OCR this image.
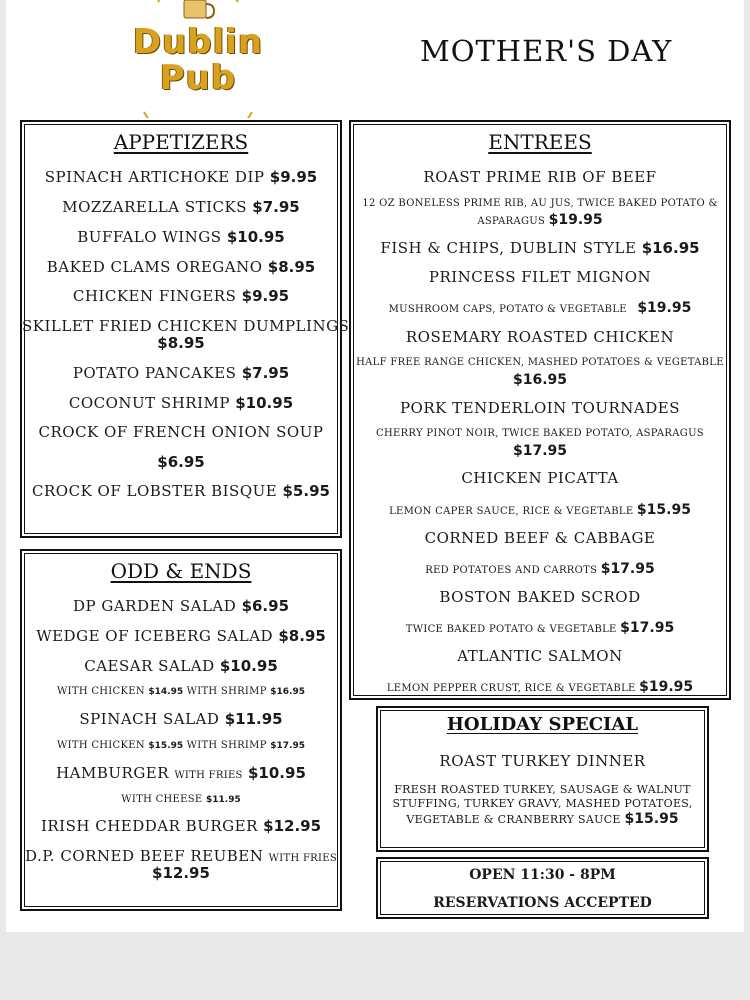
Dublin
Pub
MOTHER'S DAY
APPETIZERS
SPINACH ARTICHOKE DIP $9.95
MOZZARELLA STICKS $7.95
BUFFALO WINGS $10.95
BAKED CLAMS OREGANO $8.95
CHICKEN FINGERS $9.95
SKILLET FRIED CHICKEN DUMPLINGS
$8.95
POTATO PANCAKES $7.95
COCONUT SHRIMP $10.95
CROCK OF FRENCH ONION SOUP
$6.95
CROCK OF LOBSTER BISQUE $5.95
ODD & ENDS
DP GARDEN SALAD $6.95
WEDGE OF ICEBERG SALAD $8.95
CAESAR SALAD $10.95
WITH CHICKEN $14.95 WITH SHRIMP $16.95
SPINACH SALAD $11.95
WITH CHICKEN $15.95 WITH SHRIMP $17.95
HAMBURGER WITH FRIES $10.95
WITH CHEESE $11.95
IRISH CHEDDAR BURGER $12.95
D.P. CORNED BEEF REUBEN WITH FRIES
$12.95
ENTREES
ROAST PRIME RIB OF BEEF
12 OZ BONELESS PRIME RIB, AU JUS, TWICE BAKED POTATO &
ASPARAGUS $19.95
FISH & CHIPS, DUBLIN STYLE $16.95
PRINCESS FILET MIGNON
MUSHROOM CAPS, POTATO & VEGETABLE $19.95
ROSEMARY ROASTED CHICKEN
HALF FREE RANGE CHICKEN, MASHED POTATOES & VEGETABLE
$16.95
PORK TENDERLOIN TOURNADES
CHERRY PINOT NOIR, TWICE BAKED POTATO, ASPARAGUS
$17.95
CHICKEN PICATTA
LEMON CAPER SAUCE, RICE & VEGETABLE $15.95
CORNED BEEF & CABBAGE
RED POTATOES AND CARROTS $17.95
BOSTON BAKED SCROD
TWICE BAKED POTATO & VEGETABLE $17.95
ATLANTIC SALMON
LEMON PEPPER CRUST, RICE & VEGETABLE $19.95
HOLIDAY SPECIAL
ROAST TURKEY DINNER
FRESH ROASTED TURKEY, SAUSAGE & WALNUT
STUFFING, TURKEY GRAVY, MASHED POTATOES,
VEGETABLE & CRANBERRY SAUCE $15.95
OPEN 11:30 - 8PM
RESERVATIONS ACCEPTED
